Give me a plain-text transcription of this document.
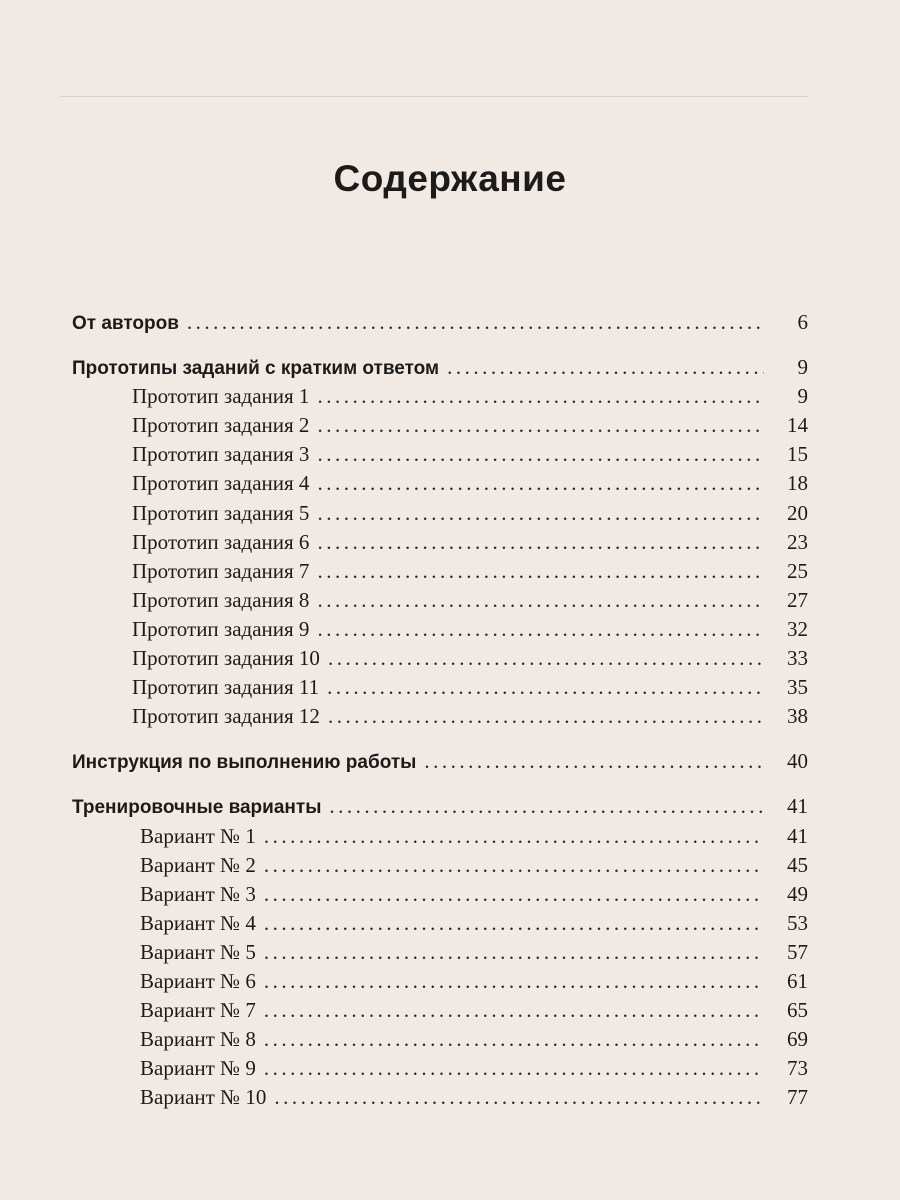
Содержание
От авторов .....	6
Прототипы заданий с кратким ответом .....	9
Прототип задания 1 .....	9
Прототип задания 2 .....	14
Прототип задания 3 .....	15
Прототип задания 4 .....	18
Прототип задания 5 .....	20
Прототип задания 6 .....	23
Прототип задания 7 .....	25
Прототип задания 8 .....	27
Прототип задания 9 .....	32
Прототип задания 10 .....	33
Прототип задания 11 .....	35
Прототип задания 12 .....	38
Инструкция по выполнению работы .....	40
Тренировочные варианты .....	41
Вариант № 1 .....	41
Вариант № 2 .....	45
Вариант № 3 .....	49
Вариант № 4 .....	53
Вариант № 5 .....	57
Вариант № 6 .....	61
Вариант № 7 .....	65
Вариант № 8 .....	69
Вариант № 9 .....	73
Вариант № 10 .....	77
